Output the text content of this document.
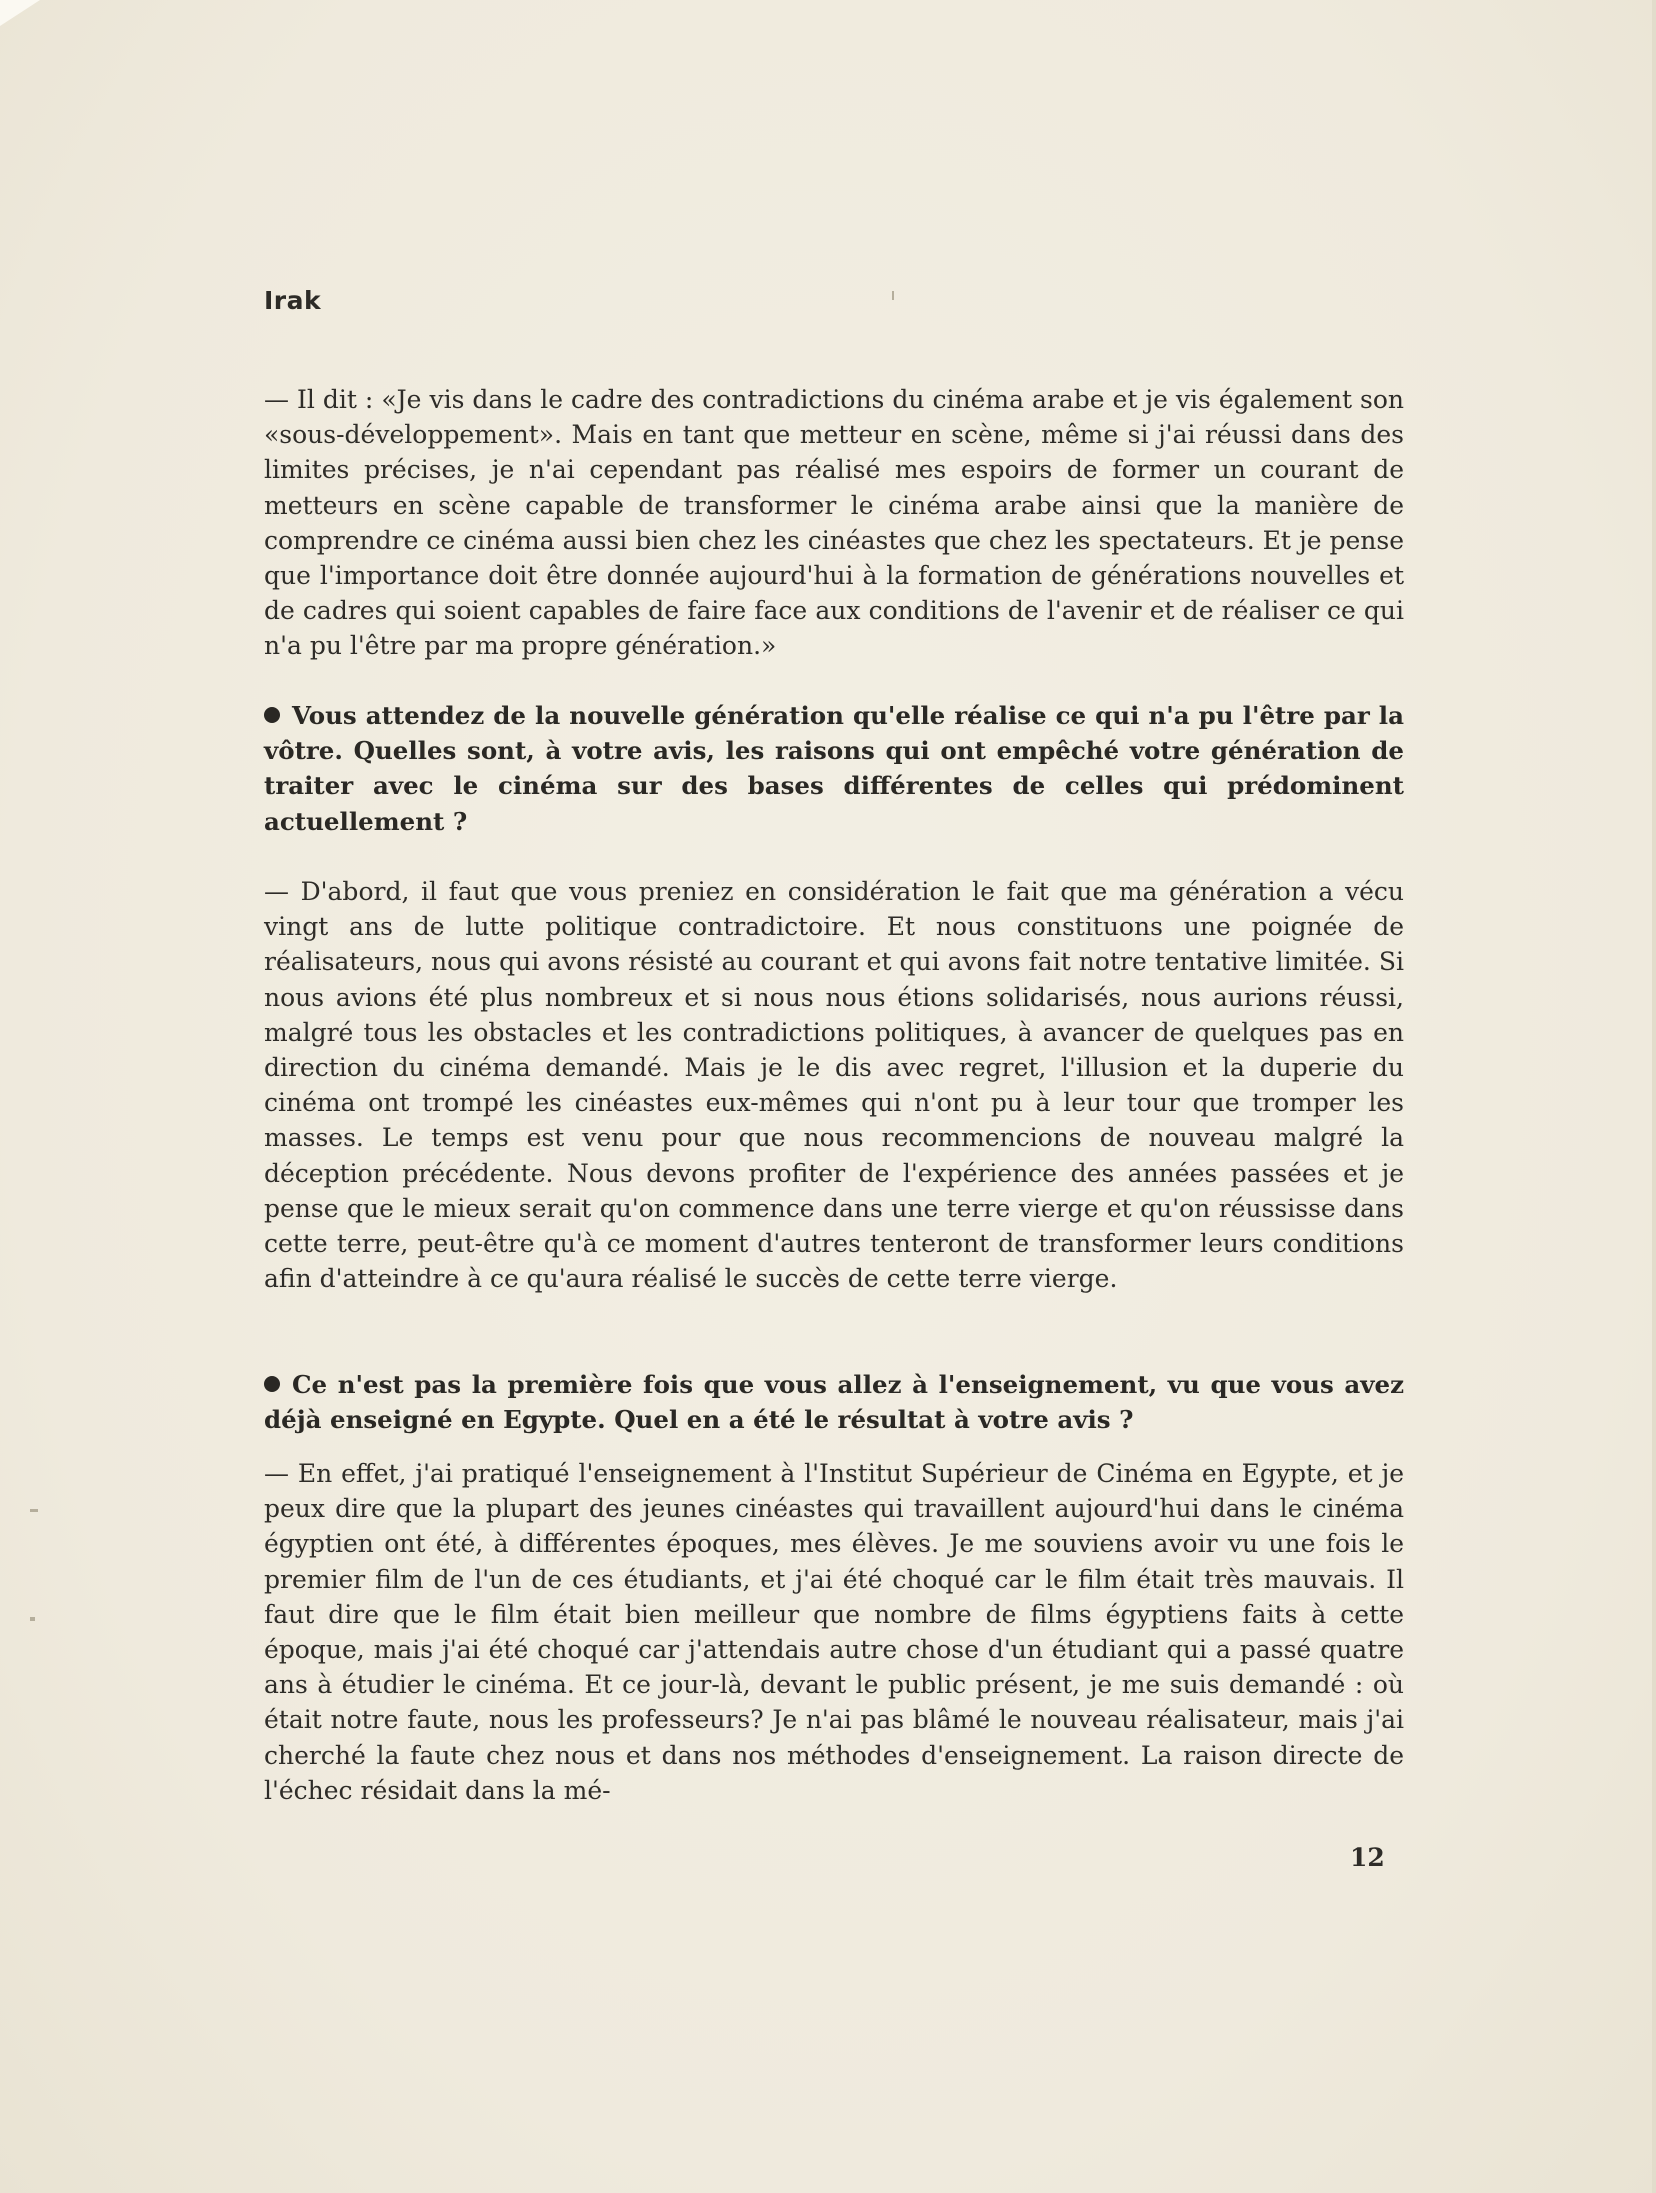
Irak

— Il dit : «Je vis dans le cadre des contradictions du cinéma arabe et je vis également son «sous-développement». Mais en tant que metteur en scène, même si j'ai réussi dans des limites précises, je n'ai cependant pas réalisé mes espoirs de former un courant de metteurs en scène capable de transformer le cinéma arabe ainsi que la manière de comprendre ce cinéma aussi bien chez les cinéastes que chez les spectateurs. Et je pense que l'importance doit être donnée aujourd'hui à la formation de générations nouvelles et de cadres qui soient capables de faire face aux conditions de l'avenir et de réaliser ce qui n'a pu l'être par ma propre génération.»

Vous attendez de la nouvelle génération qu'elle réalise ce qui n'a pu l'être par la vôtre. Quelles sont, à votre avis, les raisons qui ont empêché votre génération de traiter avec le cinéma sur des bases différentes de celles qui prédominent actuellement ?

— D'abord, il faut que vous preniez en considération le fait que ma génération a vécu vingt ans de lutte politique contradictoire. Et nous constituons une poignée de réalisateurs, nous qui avons résisté au courant et qui avons fait notre tentative limitée. Si nous avions été plus nombreux et si nous nous étions solidarisés, nous aurions réussi, malgré tous les obstacles et les contradictions politiques, à avancer de quelques pas en direction du cinéma demandé. Mais je le dis avec regret, l'illusion et la duperie du cinéma ont trompé les cinéastes eux-mêmes qui n'ont pu à leur tour que tromper les masses. Le temps est venu pour que nous recommencions de nouveau malgré la déception précédente. Nous devons profiter de l'expérience des années passées et je pense que le mieux serait qu'on commence dans une terre vierge et qu'on réussisse dans cette terre, peut-être qu'à ce moment d'autres tenteront de transformer leurs conditions afin d'atteindre à ce qu'aura réalisé le succès de cette terre vierge.

Ce n'est pas la première fois que vous allez à l'enseignement, vu que vous avez déjà enseigné en Egypte. Quel en a été le résultat à votre avis ?

— En effet, j'ai pratiqué l'enseignement à l'Institut Supérieur de Cinéma en Egypte, et je peux dire que la plupart des jeunes cinéastes qui travaillent aujourd'hui dans le cinéma égyptien ont été, à différentes époques, mes élèves. Je me souviens avoir vu une fois le premier film de l'un de ces étudiants, et j'ai été choqué car le film était très mauvais. Il faut dire que le film était bien meilleur que nombre de films égyptiens faits à cette époque, mais j'ai été choqué car j'attendais autre chose d'un étudiant qui a passé quatre ans à étudier le cinéma. Et ce jour-là, devant le public présent, je me suis demandé : où était notre faute, nous les professeurs? Je n'ai pas blâmé le nouveau réalisateur, mais j'ai cherché la faute chez nous et dans nos méthodes d'enseignement. La raison directe de l'échec résidait dans la mé-

12
